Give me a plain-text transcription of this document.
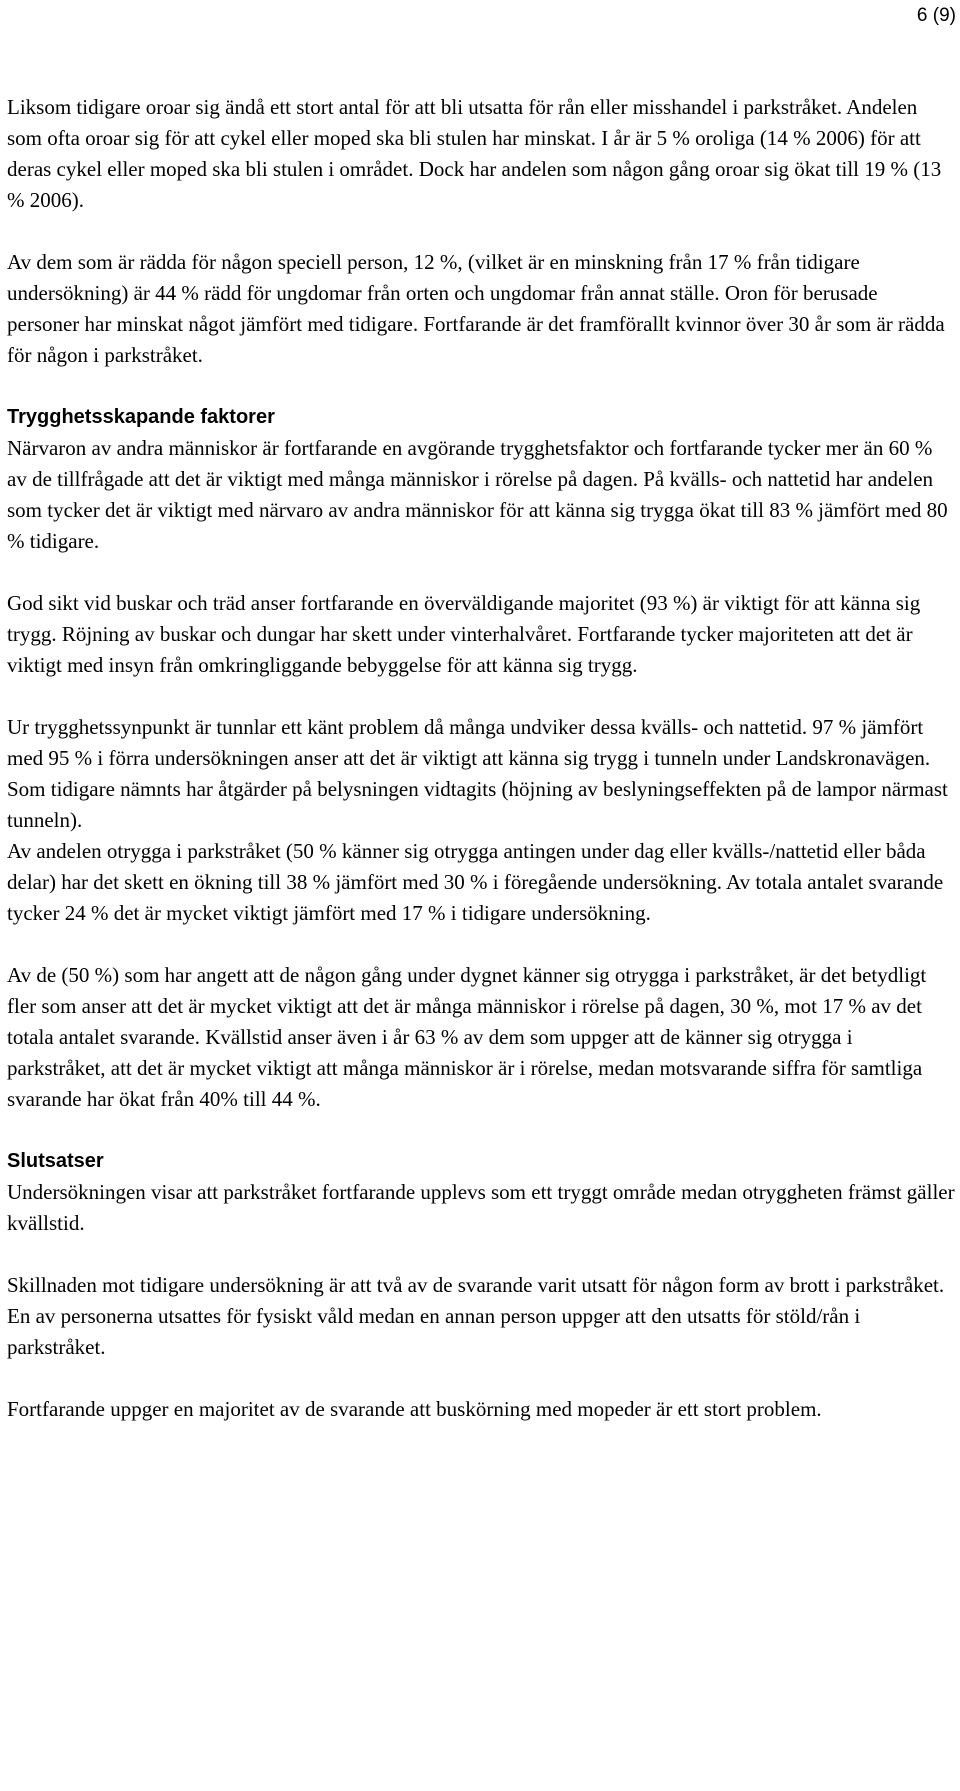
6 (9)

Liksom tidigare oroar sig ändå ett stort antal för att bli utsatta för rån eller misshandel i parkstråket. Andelen som ofta oroar sig för att cykel eller moped ska bli stulen har minskat. I år är 5 % oroliga (14 % 2006) för att deras cykel eller moped ska bli stulen i området. Dock har andelen som någon gång oroar sig ökat till 19 % (13 % 2006).

Av dem som är rädda för någon speciell person, 12 %, (vilket är en minskning från 17 % från tidigare undersökning) är 44 % rädd för ungdomar från orten och ungdomar från annat ställe. Oron för berusade personer har minskat något jämfört med tidigare. Fortfarande är det framförallt kvinnor över 30 år som är rädda för någon i parkstråket.

Trygghetsskapande faktorer

Närvaron av andra människor är fortfarande en avgörande trygghetsfaktor och fortfarande tycker mer än 60 % av de tillfrågade att det är viktigt med många människor i rörelse på dagen. På kvälls- och nattetid har andelen som tycker det är viktigt med närvaro av andra människor för att känna sig trygga ökat till 83 % jämfört med 80 % tidigare.

God sikt vid buskar och träd anser fortfarande en överväldigande majoritet (93 %) är viktigt för att känna sig trygg. Röjning av buskar och dungar har skett under vinterhalvåret. Fortfarande tycker majoriteten att det är viktigt med insyn från omkringliggande bebyggelse för att känna sig trygg.

Ur trygghetssynpunkt är tunnlar ett känt problem då många undviker dessa kvälls- och nattetid. 97 % jämfört med 95 % i förra undersökningen anser att det är viktigt att känna sig trygg i tunneln under Landskronavägen. Som tidigare nämnts har åtgärder på belysningen vidtagits (höjning av beslyningseffekten på de lampor närmast tunneln).

Av andelen otrygga i parkstråket (50 % känner sig otrygga antingen under dag eller kvälls-/nattetid eller båda delar) har det skett en ökning till 38 % jämfört med 30 % i föregående undersökning. Av totala antalet svarande tycker 24 % det är mycket viktigt jämfört med 17 % i tidigare undersökning.

Av de (50 %) som har angett att de någon gång under dygnet känner sig otrygga i parkstråket, är det betydligt fler som anser att det är mycket viktigt att det är många människor i rörelse på dagen, 30 %, mot 17 % av det totala antalet svarande. Kvällstid anser även i år 63 % av dem som uppger att de känner sig otrygga i parkstråket, att det är mycket viktigt att många människor är i rörelse, medan motsvarande siffra för samtliga svarande har ökat från 40% till 44 %.

Slutsatser

Undersökningen visar att parkstråket fortfarande upplevs som ett tryggt område medan otryggheten främst gäller kvällstid.

Skillnaden mot tidigare undersökning är att två av de svarande varit utsatt för någon form av brott i parkstråket. En av personerna utsattes för fysiskt våld medan en annan person uppger att den utsatts för stöld/rån i parkstråket.

Fortfarande uppger en majoritet av de svarande att buskörning med mopeder är ett stort problem.
